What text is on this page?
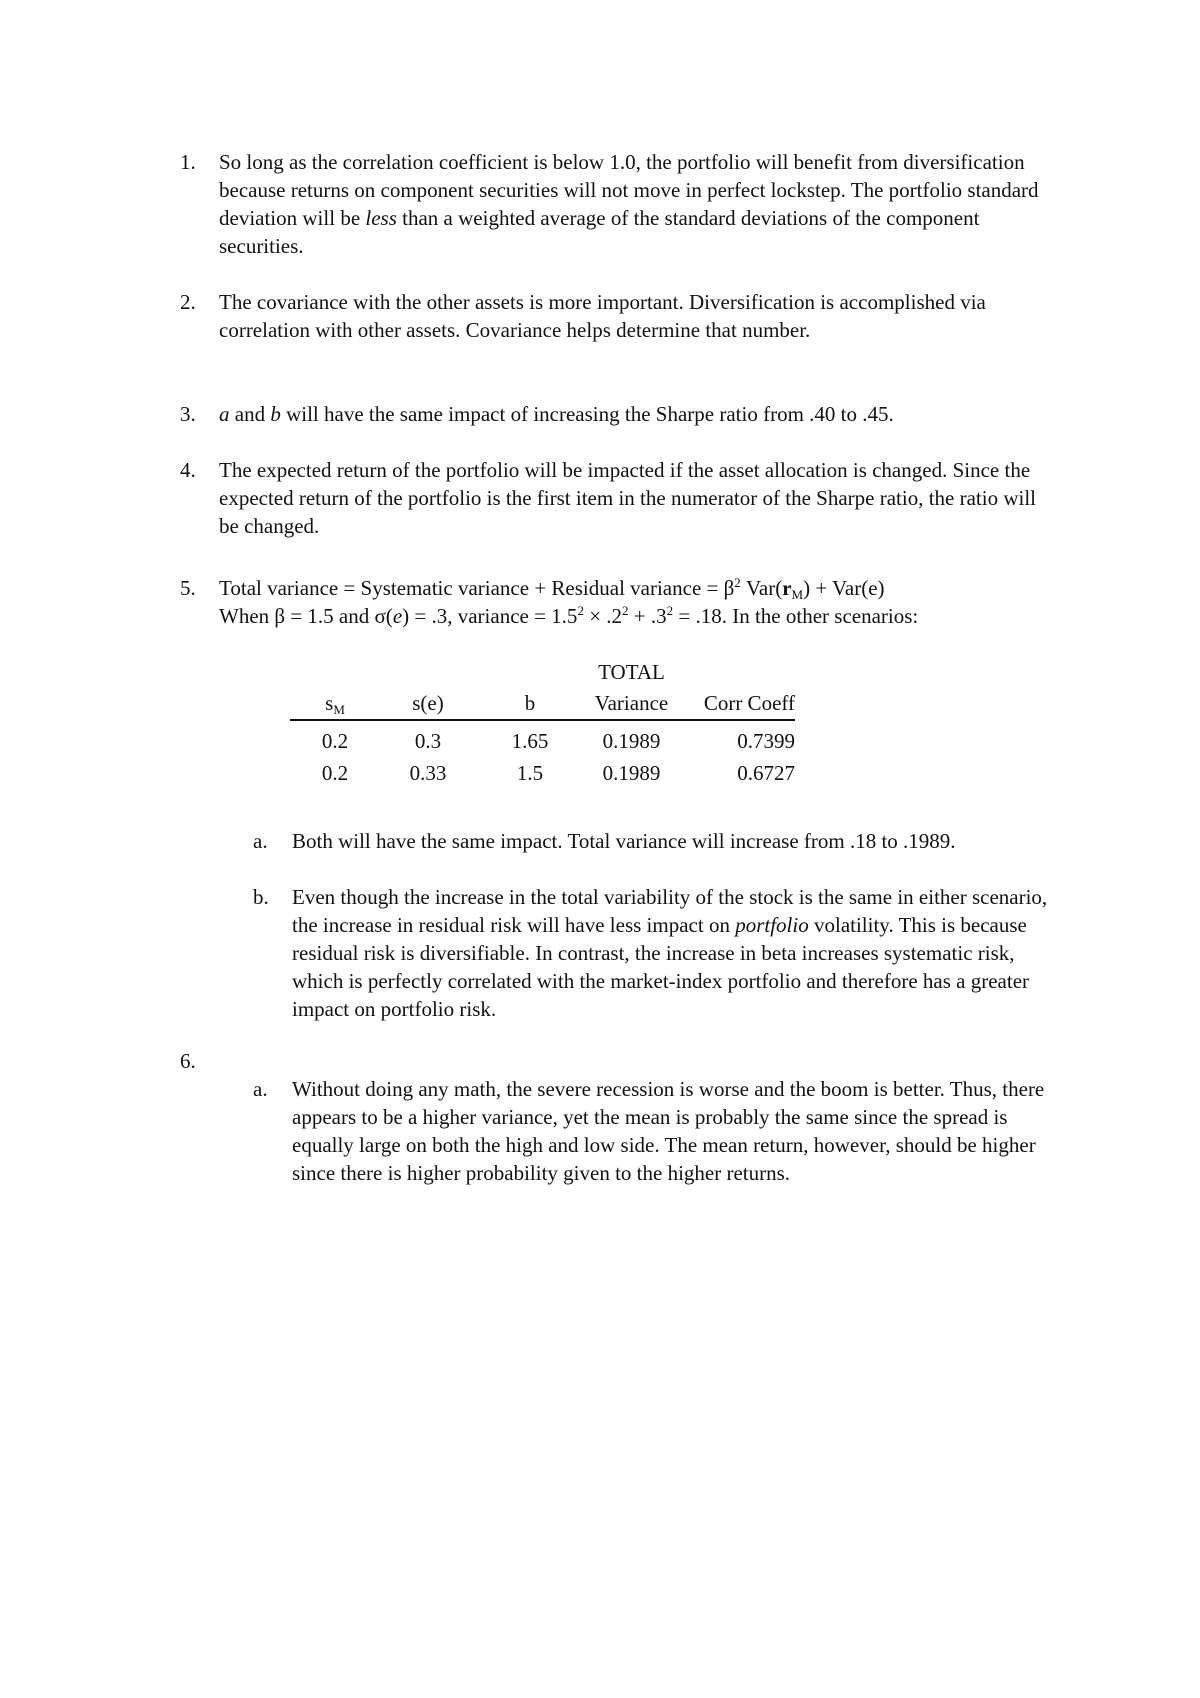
1. So long as the correlation coefficient is below 1.0, the portfolio will benefit from diversification because returns on component securities will not move in perfect lockstep. The portfolio standard deviation will be less than a weighted average of the standard deviations of the component securities.
2. The covariance with the other assets is more important. Diversification is accomplished via correlation with other assets. Covariance helps determine that number.
3. a and b will have the same impact of increasing the Sharpe ratio from .40 to .45.
4. The expected return of the portfolio will be impacted if the asset allocation is changed. Since the expected return of the portfolio is the first item in the numerator of the Sharpe ratio, the ratio will be changed.
5. Total variance = Systematic variance + Residual variance = $\beta^2$ $Var(r_M) + Var(e)$
When β = 1.5 and σ(e) = .3, variance = $1.5^2 \times .2^2 + .3^2 = .18$. In the other scenarios:
			TOTAL	
$s_M$	s(e)	b	Variance	Corr Coeff
0.2	0.3	1.65	0.1989	0.7399
0.2	0.33	1.5	0.1989	0.6727
a. Both will have the same impact. Total variance will increase from .18 to .1989.
b. Even though the increase in the total variability of the stock is the same in either scenario, the increase in residual risk will have less impact on portfolio volatility. This is because residual risk is diversifiable. In contrast, the increase in beta increases systematic risk, which is perfectly correlated with the market-index portfolio and therefore has a greater impact on portfolio risk.
6.
a. Without doing any math, the severe recession is worse and the boom is better. Thus, there appears to be a higher variance, yet the mean is probably the same since the spread is equally large on both the high and low side. The mean return, however, should be higher since there is higher probability given to the higher returns.
